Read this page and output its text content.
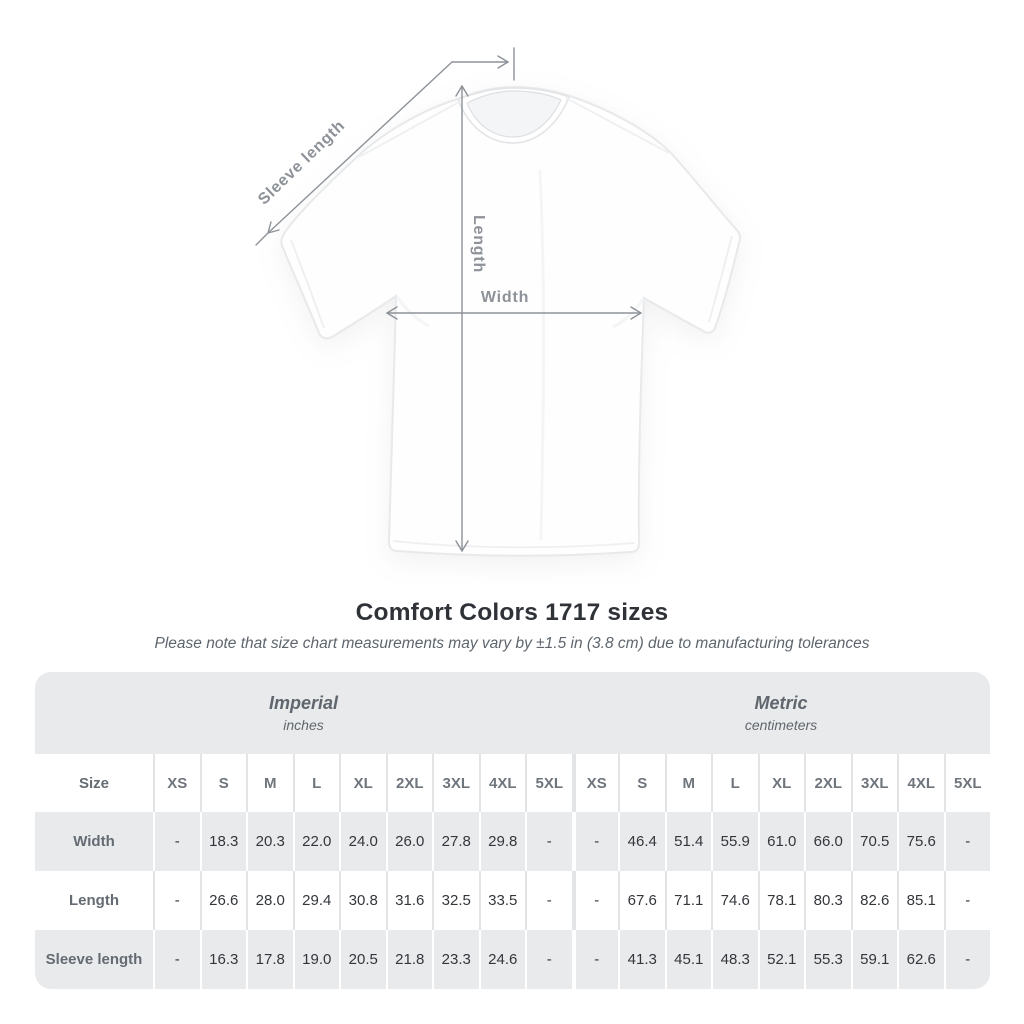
Length
Width
Sleeve length
Comfort Colors 1717 sizes

Please note that size chart measurements may vary by ±1.5 in (3.8 cm) due to manufacturing tolerances

Imperial
inches
Metric
centimeters
Size	XS	S	M	L	XL	2XL	3XL	4XL	5XL	XS	S	M	L	XL	2XL	3XL	4XL	5XL
Width	-	18.3	20.3	22.0	24.0	26.0	27.8	29.8	-	-	46.4	51.4	55.9	61.0	66.0	70.5	75.6	-
Length	-	26.6	28.0	29.4	30.8	31.6	32.5	33.5	-	-	67.6	71.1	74.6	78.1	80.3	82.6	85.1	-
Sleeve length	-	16.3	17.8	19.0	20.5	21.8	23.3	24.6	-	-	41.3	45.1	48.3	52.1	55.3	59.1	62.6	-
